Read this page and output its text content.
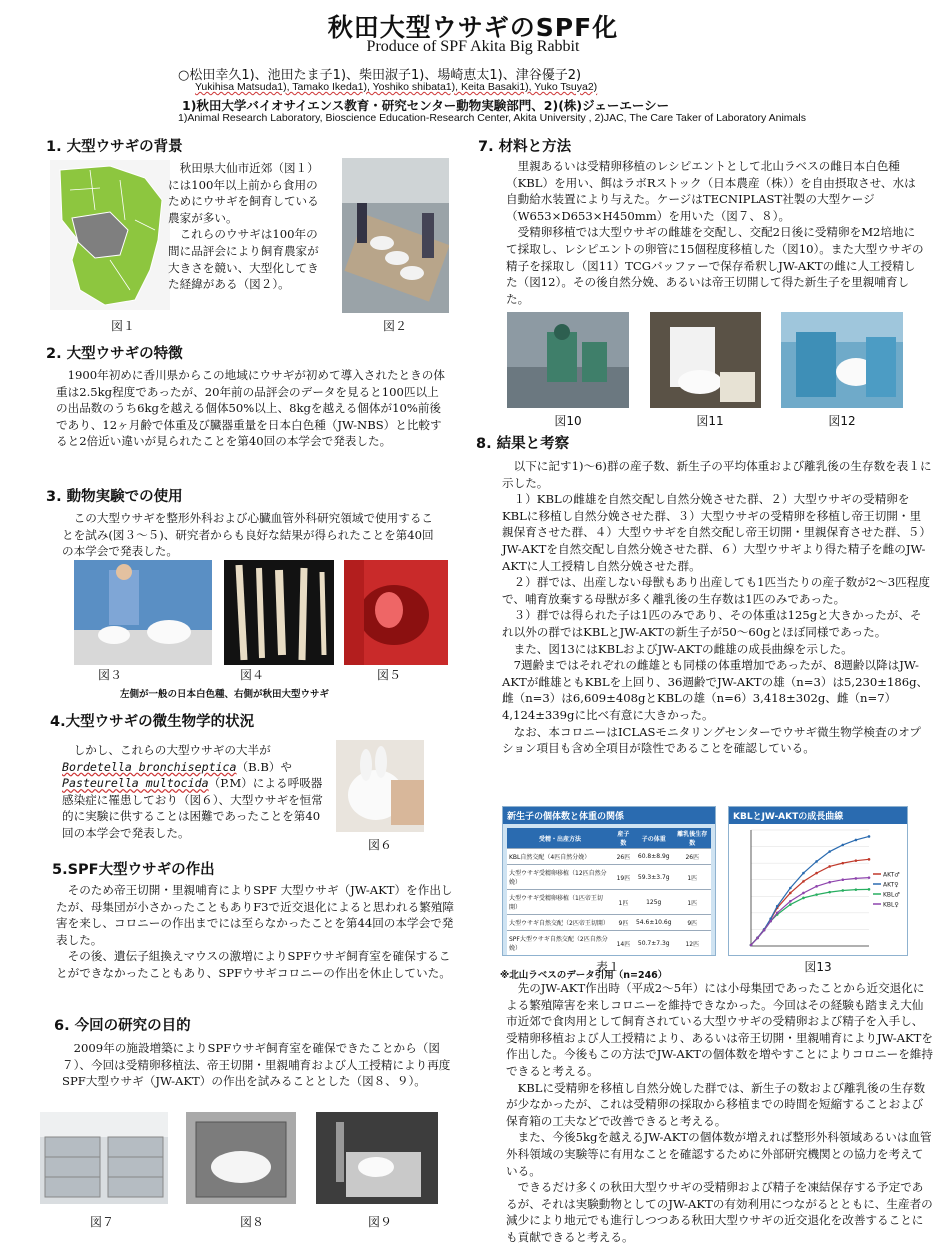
秋田大型ウサギのSPF化
Produce of SPF Akita Big Rabbit
○松田幸久1)、池田たま子1)、柴田淑子1)、場崎恵太1)、津谷優子2)
Yukihisa Matsuda1), Tamako Ikeda1), Yoshiko shibata1), Keita Basaki1), Yuko Tsuya2)
1)秋田大学バイオサイエンス教育・研究センター動物実験部門、2)(株)ジェーエーシー
1)Animal Research Laboratory, Bioscience Education-Research Center, Akita University , 2)JAC, The Care Taker of Laboratory Animals
1. 大型ウサギの背景

秋田県大仙市近郊（図１）には100年以上前から食用のためにウサギを飼育している農家が多い。

これらのウサギは100年の間に品評会により飼育農家が大きさを競い、大型化してきた経緯がある（図２）。

図１	図２
2. 大型ウサギの特徴

1900年初めに香川県からこの地域にウサギが初めて導入されたときの体重は2.5kg程度であったが、20年前の品評会のデータを見ると100匹以上の出品数のうち6kgを越える個体50%以上、8kgを越える個体が10%前後であり、12ヶ月齢で体重及び臓器重量を日本白色種（JW-NBS）と比較すると2倍近い違いが見られたことを第40回の本学会で発表した。

3. 動物実験での使用

この大型ウサギを整形外科および心臓血管外科研究領域で使用することを試み(図３～５)、研究者からも良好な結果が得られたことを第40回の本学会で発表した。

図３	図４	図５
左側が一般の日本白色種、右側が秋田大型ウサギ
4.大型ウサギの微生物学的状況

しかし、これらの大型ウサギの大半が
Bordetella bronchiseptica（B.B）や
Pasteurella multocida（P.M）による呼吸器感染症に罹患しており（図６）、大型ウサギを恒常的に実験に供することは困難であったことを第40回の本学会で発表した。

図６
5.SPF大型ウサギの作出

そのため帝王切開・里親哺育によりSPF 大型ウサギ（JW-AKT）を作出したが、母集団が小さかったこともありF3で近交退化によると思われる繁殖障害を来し、コロニーの作出までには至らなかったことを第44回の本学会で発表した。

その後、遺伝子組換えマウスの激増によりSPFウサギ飼育室を確保することができなかったこともあり、SPFウサギコロニーの作出を休止していた。

6. 今回の研究の目的

2009年の施設増築によりSPFウサギ飼育室を確保できたことから（図７）、今回は受精卵移植法、帝王切開・里親哺育および人工授精により再度SPF大型ウサギ（JW-AKT）の作出を試みることとした（図８、９）。

図７	図８	図９
7. 材料と方法

里親あるいは受精卵移植のレシピエントとして北山ラベスの雌日本白色種（KBL）を用い、餌はラボRストック（日本農産（株））を自由摂取させ、水は自動給水装置により与えた。ケージはTECNIPLAST社製の大型ケージ（W653×D653×H450mm）を用いた（図７、８）。

受精卵移植では大型ウサギの雌雄を交配し、交配2日後に受精卵をM2培地にて採取し、レシピエントの卵管に15個程度移植した（図10）。また大型ウサギの精子を採取し（図11）TCGバッファーで保存希釈しJW-AKTの雌に人工授精した（図12）。その後自然分娩、あるいは帝王切開して得た新生子を里親哺育した。

図10	図11	図12
8. 結果と考察

以下に記す1)～6)群の産子数、新生子の平均体重および離乳後の生存数を表１に示した。

１）KBLの雌雄を自然交配し自然分娩させた群、２）大型ウサギの受精卵をKBLに移植し自然分娩させた群、３）大型ウサギの受精卵を移植し帝王切開・里親保育させた群、４）大型ウサギを自然交配し帝王切開・里親保育させた群、５）JW-AKTを自然交配し自然分娩させた群、６）大型ウサギより得た精子を雌のJW-AKTに人工授精し自然分娩させた群。

２）群では、出産しない母獣もあり出産しても1匹当たりの産子数が2～3匹程度で、哺育放棄する母獣が多く離乳後の生存数は1匹のみであった。

３）群では得られた子は1匹のみであり、その体重は125gと大きかったが、それ以外の群ではKBLとJW-AKTの新生子が50～60gとほぼ同様であった。

また、図13にはKBLおよびJW-AKTの雌雄の成長曲線を示した。

7週齢まではそれぞれの雌雄とも同様の体重増加であったが、8週齢以降はJW-AKTが雌雄ともKBLを上回り、36週齢でJW-AKTの雄（n=3）は5,230±186g、雌（n=3）は6,609±408gとKBLの雄（n=6）3,418±302g、雌（n=7）4,124±339gに比べ有意に大きかった。

なお、本コロニーはICLASモニタリングセンターでウサギ微生物学検査のオプション項目も含め全項目が陰性であることを確認している。

新生子の個体数と体重の関係
受精・出産方法	産子数	子の体重	離乳後生存数
KBL自然交配（4匹自然分娩）	26匹	60.8±8.9g	26匹
大型ウサギ受精卵移植（12匹自然分娩）	19匹	59.3±3.7g	1匹
大型ウサギ受精卵移植（1匹帝王切開）	1匹	125g	1匹
大型ウサギ自然交配（2匹帝王切開）	9匹	54.6±10.6g	9匹
SPF大型ウサギ自然交配（2匹自然分娩）	14匹	50.7±7.3g	12匹

表１
※北山ラベスのデータ引用（n=246）
KBLとJW-AKTの成長曲線
AKT♂
AKT♀
KBL♂
KBL♀
図13

先のJW-AKT作出時（平成2～5年）には小母集団であったことから近交退化による繁殖障害を来しコロニーを維持できなかった。今回はその経験も踏まえ大仙市近郊で食肉用として飼育されている大型ウサギの受精卵および精子を入手し、受精卵移植および人工授精により、あるいは帝王切開・里親哺育によりJW-AKTを作出した。今後もこの方法でJW-AKTの個体数を増やすことによりコロニーを維持できると考える。

KBLに受精卵を移植し自然分娩した群では、新生子の数および離乳後の生存数が少なかったが、これは受精卵の採取から移植までの時間を短縮することおよび保育箱の工夫などで改善できると考える。

また、今後5kgを越えるJW-AKTの個体数が増えれば整形外科領域あるいは血管外科領域の実験等に有用なことを確認するために外部研究機関との協力を考えている。

できるだけ多くの秋田大型ウサギの受精卵および精子を凍結保存する予定であるが、それは実験動物としてのJW-AKTの有効利用につながるとともに、生産者の減少により地元でも進行しつつある秋田大型ウサギの近交退化を改善することにも貢献できると考える。
